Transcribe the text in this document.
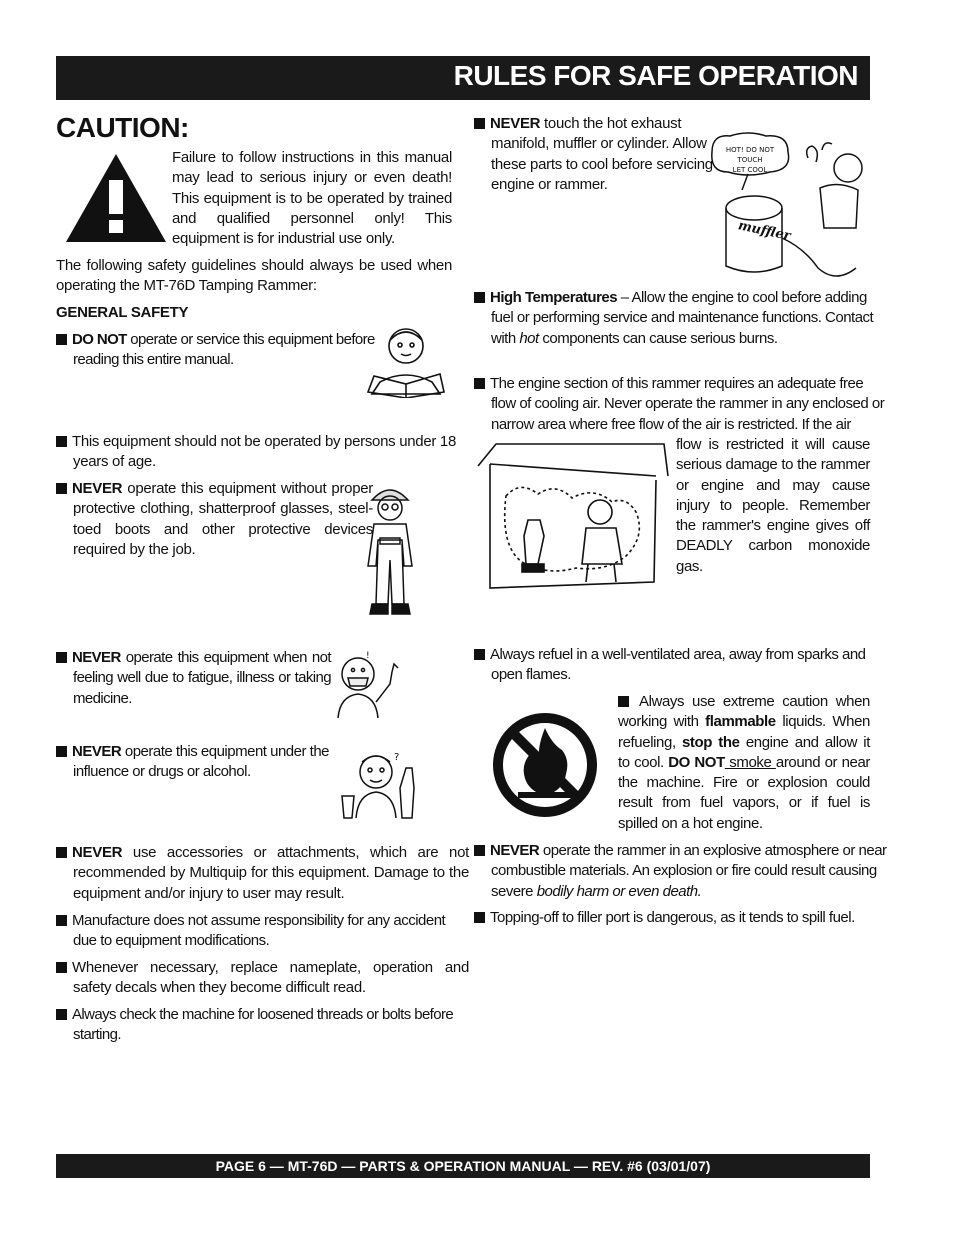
RULES FOR SAFE OPERATION
CAUTION:
Failure to follow instructions in this manual may lead to serious injury or even death! This equipment is to be operated by trained and qualified personnel only! This equipment is for industrial use only.
The following safety guidelines should always be used when operating the MT-76D Tamping Rammer:
GENERAL SAFETY
DO NOT operate or service this equipment before reading this entire manual.
This equipment should not be operated by persons under 18 years of age.
NEVER operate this equipment without proper protective clothing, shatterproof glasses, steel-toed boots and other protective devices required by the job.
NEVER operate this equipment when not feeling well due to fatigue, illness or taking medicine.
!
NEVER operate this equipment under the influence or drugs or alcohol.
?
NEVER use accessories or attachments, which are not recommended by Multiquip for this equipment. Damage to the equipment and/or injury to user may result.
Manufacture does not assume responsibility for any accident due to equipment modifications.
Whenever necessary, replace nameplate, operation and safety decals when they become difficult read.
Always check the machine for loosened threads or bolts before starting.
NEVER touch the hot exhaust manifold, muffler or cylinder. Allow these parts to cool before servicing engine or rammer.
HOT! DO NOT
TOUCH
LET COOL
muffler
High Temperatures – Allow the engine to cool before adding fuel or performing service and maintenance functions. Contact with hot components can cause serious burns.
The engine section of this rammer requires an adequate free flow of cooling air. Never operate the rammer in any enclosed or narrow area where free flow of the air is restricted. If the air
flow is restricted it will cause serious damage to the rammer or engine and may cause injury to people. Remember the rammer's engine gives off DEADLY carbon monoxide gas.
Always refuel in a well-ventilated area, away from sparks and open flames.
Always use extreme caution when working with flammable liquids. When refueling, stop the engine and allow it to cool. DO NOT smoke around or near the machine. Fire or explosion could result from fuel vapors, or if fuel is spilled on a hot engine.
NEVER operate the rammer in an explosive atmosphere or near combustible materials. An explosion or fire could result causing severe bodily harm or even death.
Topping-off to filler port is dangerous, as it tends to spill fuel.
PAGE 6 — MT-76D — PARTS & OPERATION MANUAL — REV. #6 (03/01/07)
